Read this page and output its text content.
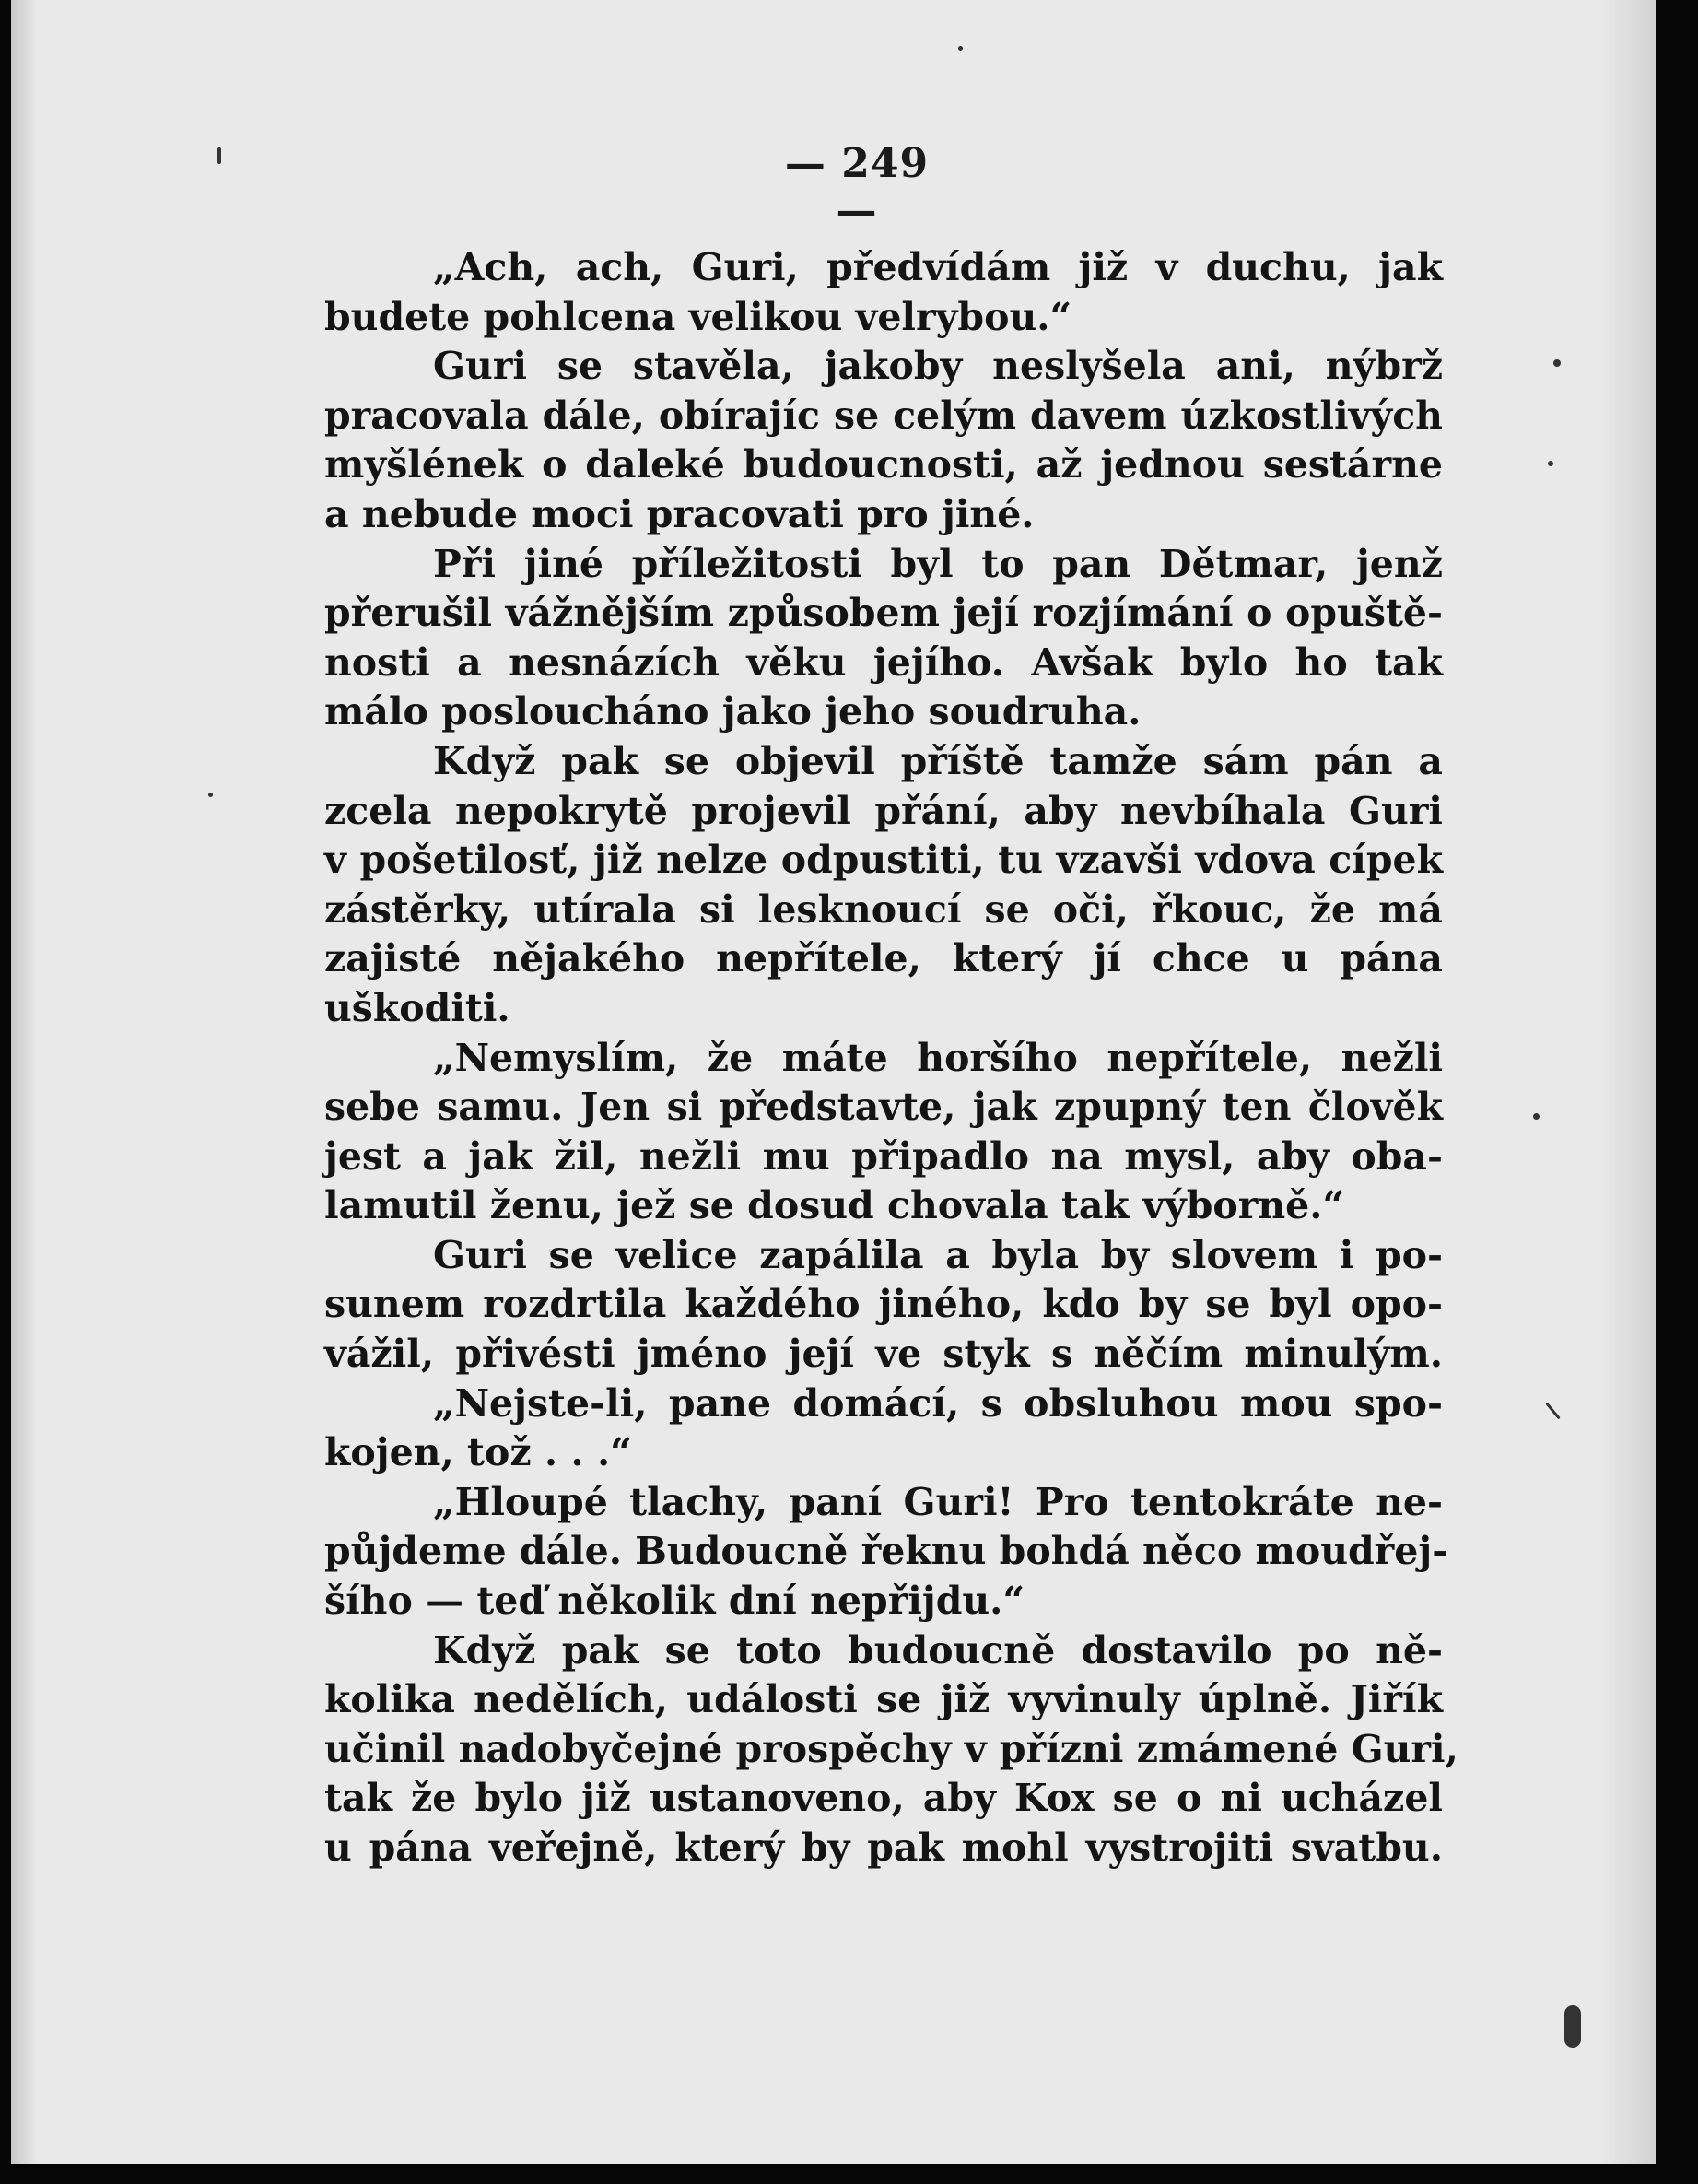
— 249 —
„Ach, ach, Guri, předvídám již v duchu, jak
budete pohlcena velikou velrybou.“
Guri se stavěla, jakoby neslyšela ani, nýbrž
pracovala dále, obírajíc se celým davem úzkostlivých
myšlének o daleké budoucnosti, až jednou sestárne
a nebude moci pracovati pro jiné.
Při jiné příležitosti byl to pan Dětmar, jenž
přerušil vážnějším způsobem její rozjímání o opuště-
nosti a nesnázích věku jejího. Avšak bylo ho tak
málo posloucháno jako jeho soudruha.
Když pak se objevil příště tamže sám pán a
zcela nepokrytě projevil přání, aby nevbíhala Guri
v pošetilosť, již nelze odpustiti, tu vzavši vdova cípek
zástěrky, utírala si lesknoucí se oči, řkouc, že má
zajisté nějakého nepřítele, který jí chce u pána
uškoditi.
„Nemyslím, že máte horšího nepřítele, nežli
sebe samu. Jen si představte, jak zpupný ten člověk
jest a jak žil, nežli mu připadlo na mysl, aby oba-
lamutil ženu, jež se dosud chovala tak výborně.“
Guri se velice zapálila a byla by slovem i po-
sunem rozdrtila každého jiného, kdo by se byl opo-
vážil, přivésti jméno její ve styk s něčím minulým.
„Nejste-li, pane domácí, s obsluhou mou spo-
kojen, tož . . .“
„Hloupé tlachy, paní Guri! Pro tentokráte ne-
půjdeme dále. Budoucně řeknu bohdá něco moudřej-
šího — teď několik dní nepřijdu.“
Když pak se toto budoucně dostavilo po ně-
kolika nedělích, události se již vyvinuly úplně. Jiřík
učinil nadobyčejné prospěchy v přízni zmámené Guri,
tak že bylo již ustanoveno, aby Kox se o ni ucházel
u pána veřejně, který by pak mohl vystrojiti svatbu.
